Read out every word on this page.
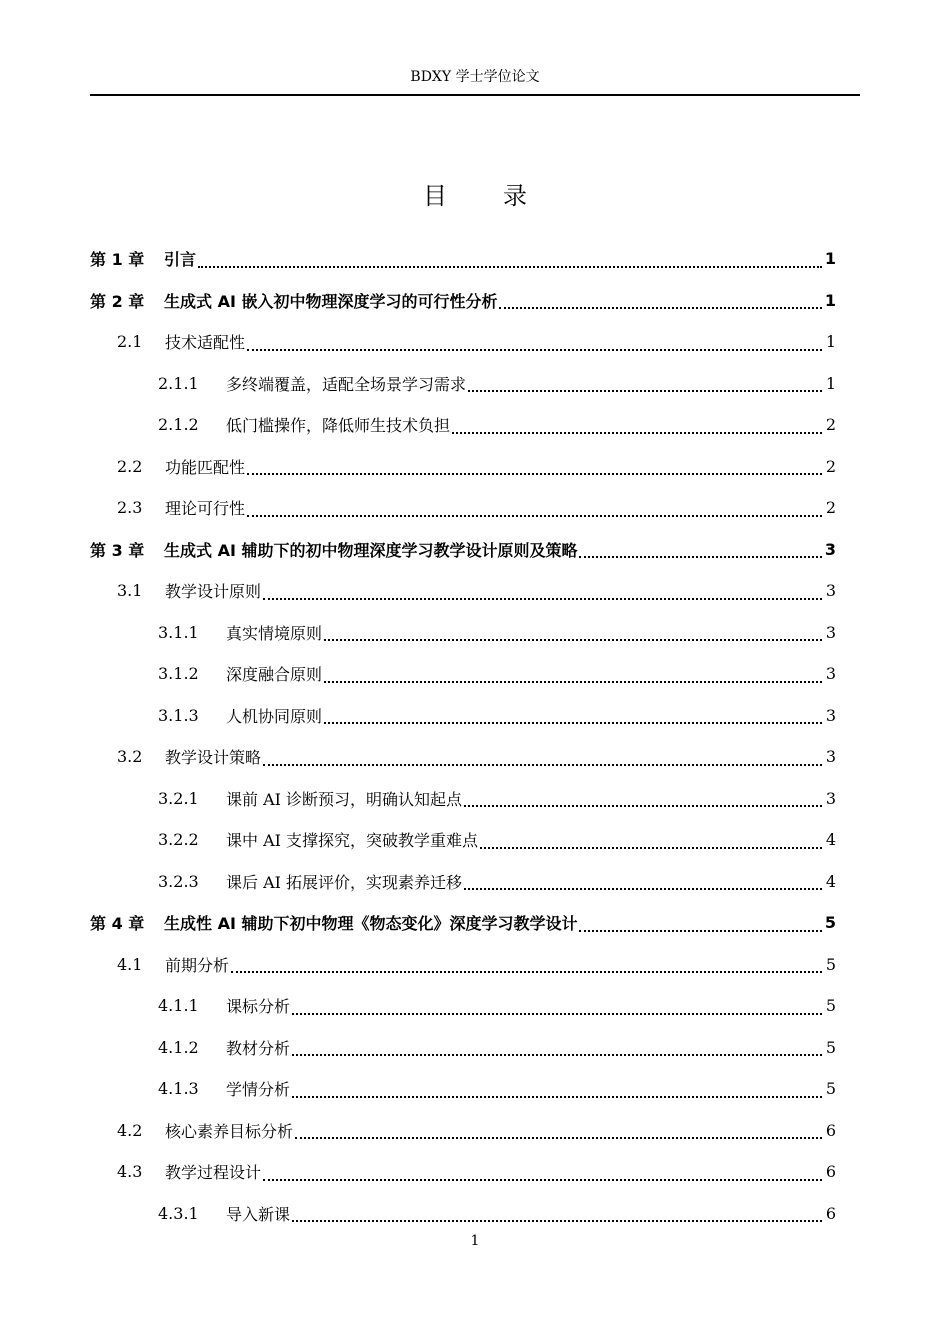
BDXY 学士学位论文
目 录
第 1 章	引言	1
第 2 章	生成式 AI 嵌入初中物理深度学习的可行性分析	1
2.1	技术适配性	1
2.1.1	多终端覆盖，适配全场景学习需求	1
2.1.2	低门槛操作，降低师生技术负担	2
2.2	功能匹配性	2
2.3	理论可行性	2
第 3 章	生成式 AI 辅助下的初中物理深度学习教学设计原则及策略	3
3.1	教学设计原则	3
3.1.1	真实情境原则	3
3.1.2	深度融合原则	3
3.1.3	人机协同原则	3
3.2	教学设计策略	3
3.2.1	课前 AI 诊断预习，明确认知起点	3
3.2.2	课中 AI 支撑探究，突破教学重难点	4
3.2.3	课后 AI 拓展评价，实现素养迁移	4
第 4 章	生成性 AI 辅助下初中物理《物态变化》深度学习教学设计	5
4.1	前期分析	5
4.1.1	课标分析	5
4.1.2	教材分析	5
4.1.3	学情分析	5
4.2	核心素养目标分析	6
4.3	教学过程设计	6
4.3.1	导入新课	6
1
